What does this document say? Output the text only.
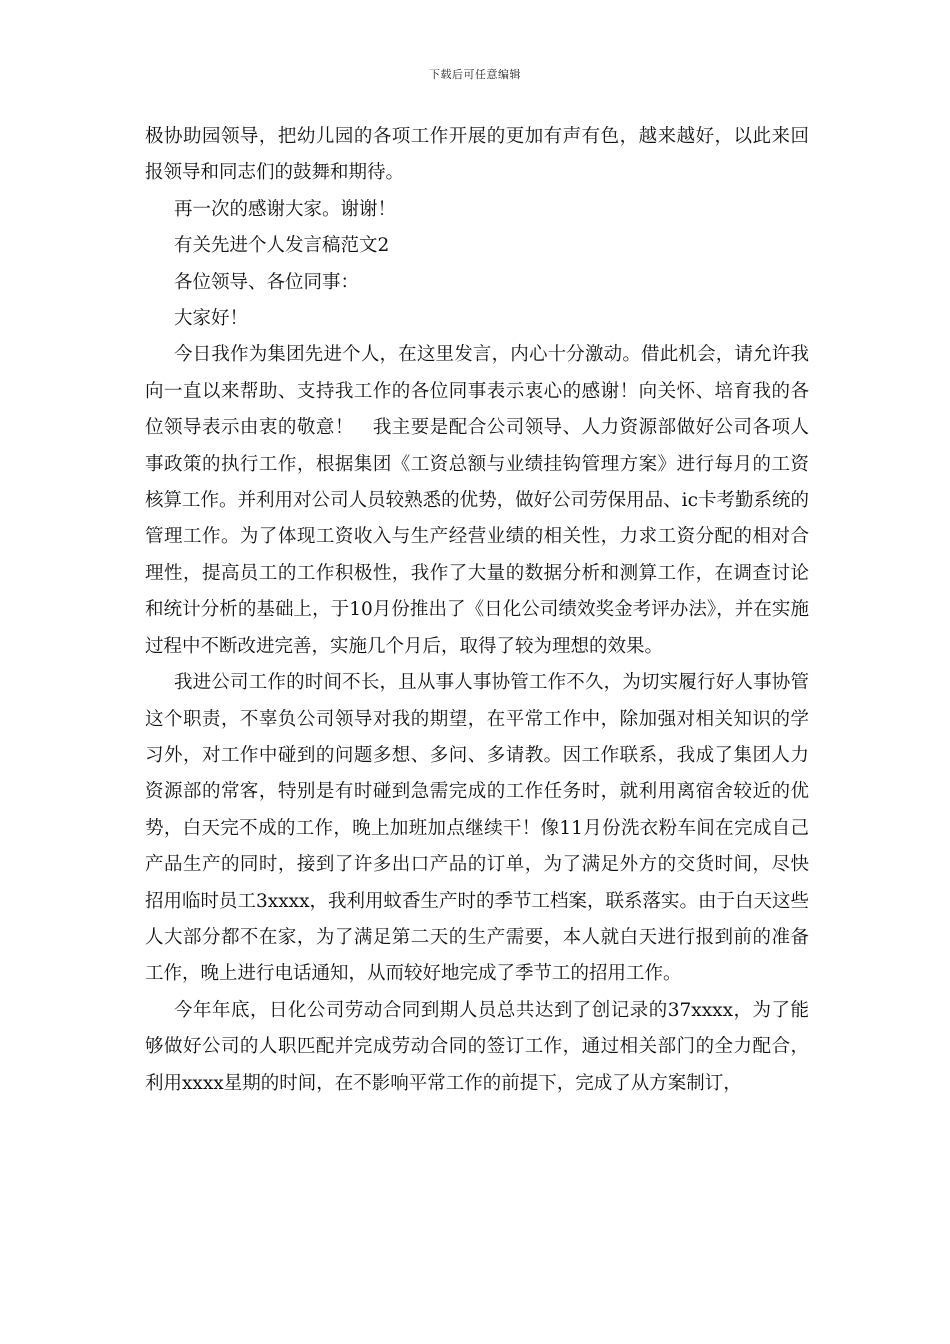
下载后可任意编辑

极协助园领导，把幼儿园的各项工作开展的更加有声有色，越来越好，以此来回报领导和同志们的鼓舞和期待。

再一次的感谢大家。谢谢！

有关先进个人发言稿范文2

各位领导、各位同事：

大家好！

今日我作为集团先进个人，在这里发言，内心十分激动。借此机会，请允许我向一直以来帮助、支持我工作的各位同事表示衷心的感谢！向关怀、培育我的各位领导表示由衷的敬意！　我主要是配合公司领导、人力资源部做好公司各项人事政策的执行工作，根据集团《工资总额与业绩挂钩管理方案》进行每月的工资核算工作。并利用对公司人员较熟悉的优势，做好公司劳保用品、ic卡考勤系统的管理工作。为了体现工资收入与生产经营业绩的相关性，力求工资分配的相对合理性，提高员工的工作积极性，我作了大量的数据分析和测算工作，在调查讨论和统计分析的基础上，于10月份推出了《日化公司绩效奖金考评办法》，并在实施过程中不断改进完善，实施几个月后，取得了较为理想的效果。

我进公司工作的时间不长，且从事人事协管工作不久，为切实履行好人事协管这个职责，不辜负公司领导对我的期望，在平常工作中，除加强对相关知识的学习外，对工作中碰到的问题多想、多问、多请教。因工作联系，我成了集团人力资源部的常客，特别是有时碰到急需完成的工作任务时，就利用离宿舍较近的优势，白天完不成的工作，晚上加班加点继续干！像11月份洗衣粉车间在完成自己产品生产的同时，接到了许多出口产品的订单，为了满足外方的交货时间，尽快招用临时员工3xxxx，我利用蚊香生产时的季节工档案，联系落实。由于白天这些人大部分都不在家，为了满足第二天的生产需要，本人就白天进行报到前的准备工作，晚上进行电话通知，从而较好地完成了季节工的招用工作。

今年年底，日化公司劳动合同到期人员总共达到了创记录的37xxxx，为了能够做好公司的人职匹配并完成劳动合同的签订工作，通过相关部门的全力配合，利用xxxx星期的时间，在不影响平常工作的前提下，完成了从方案制订，
